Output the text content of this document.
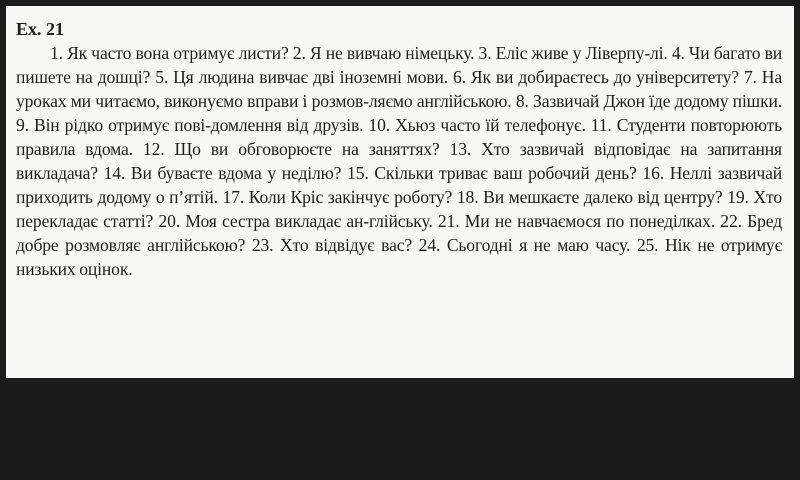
Ex. 21

1. Як часто вона отримує листи? 2. Я не вивчаю німецьку. 3. Еліс живе у Ліверпу-лі. 4. Чи багато ви пишете на дошці? 5. Ця людина вивчає дві іноземні мови. 6. Як ви добираєтесь до університету? 7. На уроках ми читаємо, виконуємо вправи і розмов-ляємо англійською. 8. Зазвичай Джон їде додому пішки. 9. Він рідко отримує пові-домлення від друзів. 10. Хьюз часто їй телефонує. 11. Студенти повторюють правила вдома. 12. Що ви обговорюєте на заняттях? 13. Хто зазвичай відповідає на запитання викладача? 14. Ви буваєте вдома у неділю? 15. Скільки триває ваш робочий день? 16. Неллі зазвичай приходить додому о п’ятій. 17. Коли Кріс закінчує роботу? 18. Ви мешкаєте далеко від центру? 19. Хто перекладає статті? 20. Моя сестра викладає ан-глійську. 21. Ми не навчаємося по понеділках. 22. Бред добре розмовляє англійською? 23. Хто відвідує вас? 24. Сьогодні я не маю часу. 25. Нік не отримує низьких оцінок.
